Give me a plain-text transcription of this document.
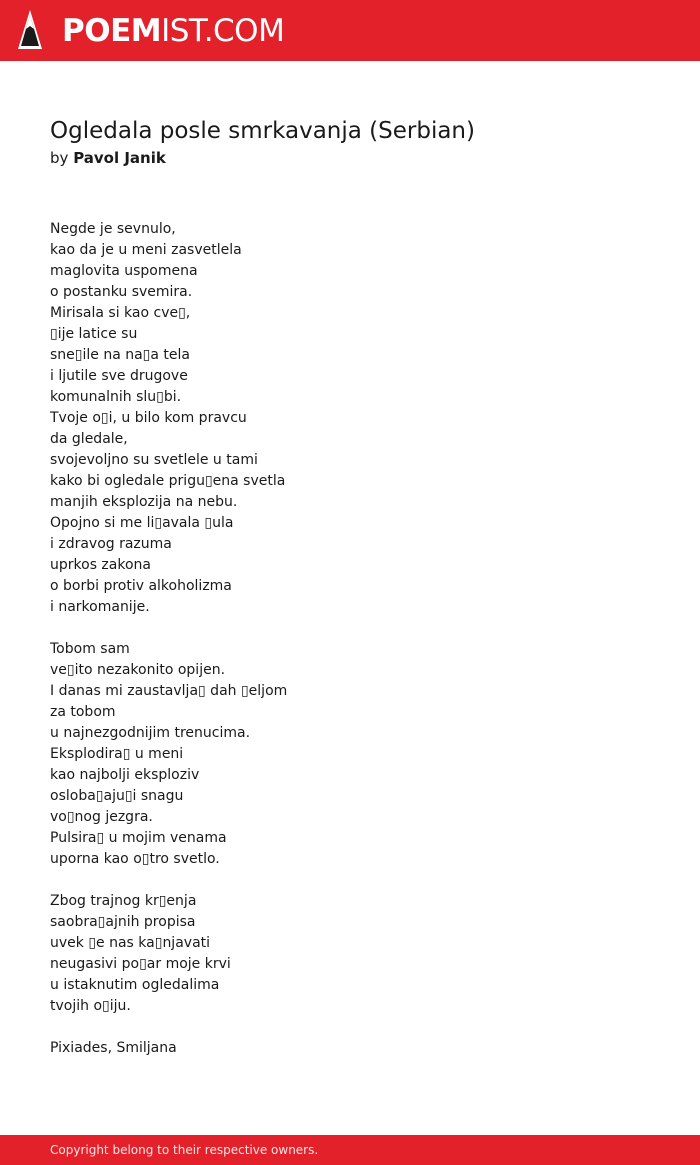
POEMIST.COM
Ogledala posle smrkavanja (Serbian)
by Pavol Janik
Negde je sevnulo,
kao da je u meni zasvetlela
maglovita uspomena
o postanku svemira.
Mirisala si kao cve▯,
▯ije latice su
sne▯ile na na▯a tela
i ljutile sve drugove
komunalnih slu▯bi.
Tvoje o▯i, u bilo kom pravcu
da gledale,
svojevoljno su svetlele u tami
kako bi ogledale prigu▯ena svetla
manjih eksplozija na nebu.
Opojno si me li▯avala ▯ula
i zdravog razuma
uprkos zakona
o borbi protiv alkoholizma
i narkomanije.
Tobom sam
ve▯ito nezakonito opijen.
I danas mi zaustavlja▯ dah ▯eljom
za tobom
u najnezgodnijim trenucima.
Eksplodira▯ u meni
kao najbolji eksploziv
osloba▯aju▯i snagu
vo▯nog jezgra.
Pulsira▯ u mojim venama
uporna kao o▯tro svetlo.
Zbog trajnog kr▯enja
saobra▯ajnih propisa
uvek ▯e nas ka▯njavati
neugasivi po▯ar moje krvi
u istaknutim ogledalima
tvojih o▯iju.
Pixiades, Smiljana
Copyright belong to their respective owners.
